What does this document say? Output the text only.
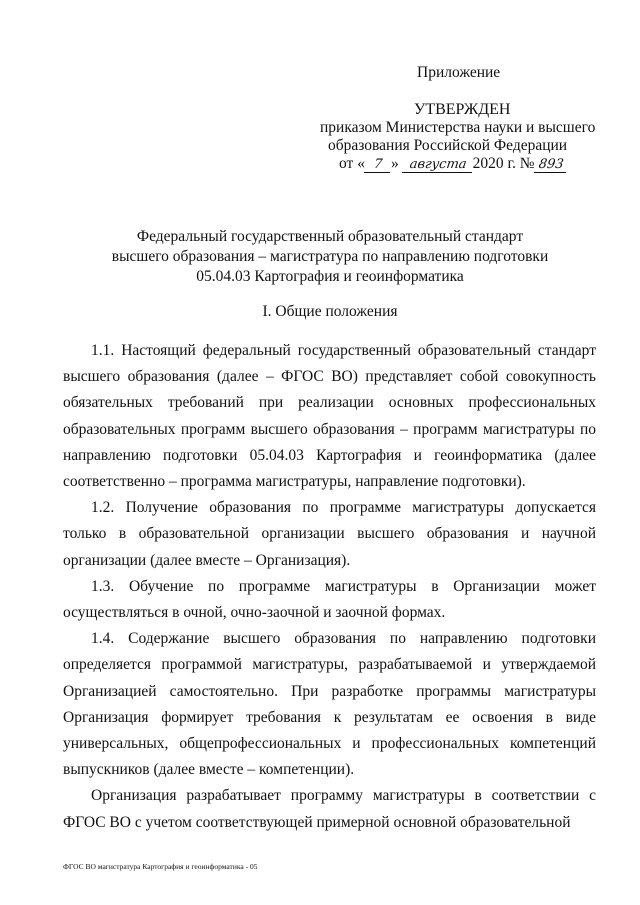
Приложение
УТВЕРЖДЕН
приказом Министерства науки и высшего
образования Российской Федерации
от « 7 » августа 2020 г. № 893
Федеральный государственный образовательный стандарт
высшего образования – магистратура по направлению подготовки
05.04.03 Картография и геоинформатика
I. Общие положения

1.1. Настоящий федеральный государственный образовательный стандарт высшего образования (далее – ФГОС ВО) представляет собой совокупность обязательных требований при реализации основных профессиональных образовательных программ высшего образования – программ магистратуры по направлению подготовки 05.04.03 Картография и геоинформатика (далее соответственно – программа магистратуры, направление подготовки).

1.2. Получение образования по программе магистратуры допускается только в образовательной организации высшего образования и научной организации (далее вместе – Организация).

1.3. Обучение по программе магистратуры в Организации может осуществляться в очной, очно-заочной и заочной формах.

1.4. Содержание высшего образования по направлению подготовки определяется программой магистратуры, разрабатываемой и утверждаемой Организацией самостоятельно. При разработке программы магистратуры Организация формирует требования к результатам ее освоения в виде универсальных, общепрофессиональных и профессиональных компетенций выпускников (далее вместе – компетенции).

Организация разрабатывает программу магистратуры в соответствии с ФГОС ВО с учетом соответствующей примерной основной образовательной

ФГОС ВО магистратура Картография и геоинформатика - 05
